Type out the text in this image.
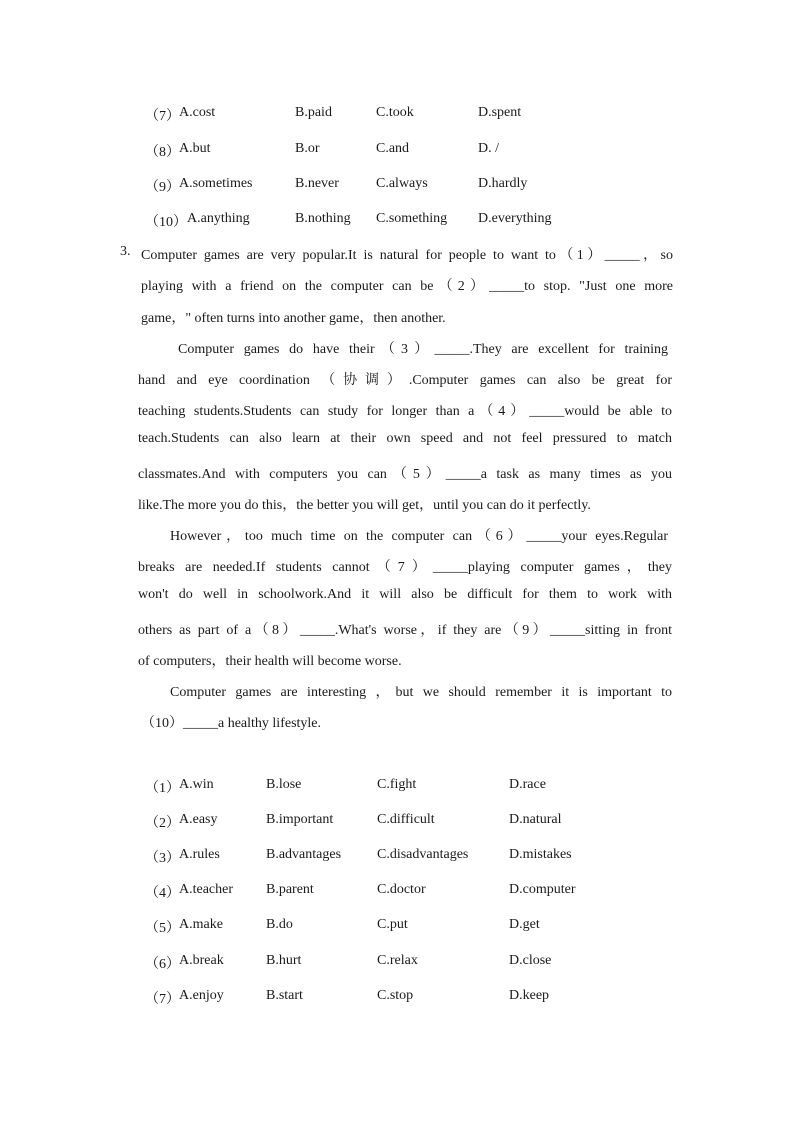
（7） A.cost	B.paid	C.took	D.spent
（8） A.but	B.or	C.and	D. /
（9） A.sometimes	B.never	C.always	D.hardly
（10） A.anything	B.nothing C.something D.everything
3. Computer games are very popular.It is natural for people to want to（1）_____，so
playing with a friend on the computer can be（2）_____to stop. "Just one more
game，" often turns into another game，then another.
Computer games do have their（3）_____.They are excellent for training
hand and eye coordination （协调）.Computer games can also be great for
teaching students.Students can study for longer than a（4）_____would be able to
teach.Students can also learn at their own speed and not feel pressured to match
classmates.And with computers you can（5）_____a task as many times as you
like.The more you do this，the better you will get，until you can do it perfectly.
However，too much time on the computer can（6）_____your eyes.Regular
breaks are needed.If students cannot（7）_____playing computer games，they
won't do well in schoolwork.And it will also be difficult for them to work with
others as part of a（8）_____.What's worse，if they are（9）_____sitting in front
of computers，their health will become worse.
Computer games are interesting ，but we should remember it is important to
（10）_____a healthy lifestyle.
（1） A.win	B.lose	C.fight	D.race
（2） A.easy	B.important	C.difficult	D.natural
（3） A.rules	B.advantages	C.disadvantages	D.mistakes
（4） A.teacher B.parent	C.doctor	D.computer
（5） A.make	B.do	C.put	D.get
（6） A.break	B.hurt	C.relax	D.close
（7） A.enjoy	B.start	C.stop	D.keep
